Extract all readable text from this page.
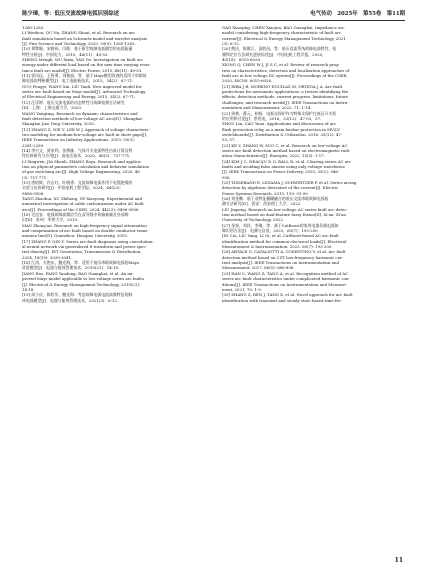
陈少璋，等：低压交流故障电弧识别综述	电气传动　2025年　第55卷　第11期
1260-1263.
LI Wenhou, QU Na, ZHANG Shuai, et al. Research on arc
fault simulation based on Schwartz model and wavelet analysis
[J]. Fire Science and Technology, 2020, 39(9): 1260-1263.
[10] 郑擎颖，宋晓伟，闫皓．基于新型故障电弧模型的电弧能量
特性分析[J]．中国电力，2015，48(11)：49-53.
ZHENG Mengli, WU Xixiu, YAN Ge. Investigation on fault arc
energy under different load based on the new time varying resis-
tance fault arc model[J]. Electric Power, 2015, 48(11): 49-53.
[11] 郭凤仪，王智勇，刘艳丽，等．基于Mayr模型改进的适用于串联故
障电弧的判断模型[J]．电工电能新技术，2015，34(2)：67-71.
GUO Fengyi, WANG Xin, LIU Yanli. New improved model for
series arc fault based on Mayr model[J]. Advanced Technology
of Electrical Engineering and Energy, 2015, 34(2): 67-71.
[12] 汪洋婷．低压交流电弧的动态特性与故障检测方法研究
[D]．上海：上海交通大学，2020.
WANG Yangting. Research on dynamic characteristics and
fault detection methods of low-voltage AC arcs[D]. Shanghai:
Shanghai Jiao Tong University, 2020.
[13] ZHANG Z, NIE Y, LEE W J. Approach of voltage characteris-
tics modeling for medium-low-voltage arc fault in short gaps[J].
IEEE Transactions on Industry Applications, 2019, 55(3):
2281-2289.
[14] 李兴文，贾申利，张博雅．气体开关电弧特性仿真计算及特
性仿真研究与应用[J]．高电压技术，2020，46(3)：757-771.
LI Xingwen, JIA Shenli, ZHANG Boya. Research and applica-
tion on physical parameters calculation and behavior simulation
of gas switching arc[J]. High Voltage Engineering, 2020, 46
(3): 757-771.
[15] 唐昭辉，许志红，叶晓勇．交流故障电弧作用下电缆绝缘的
实验与仿真研究[J]．中国电机工程学报，2024，44(23)：
9496-9506.
TANG Zhaohui, XU Zhihong, YE Xiaoyong. Experimental and
numerical investigation of cable carbonization under AC fault
arcs[J]. Proceedings of the CSEE, 2024, 44(23): 9496-9506.
[16] 毛忠安．电弧故障高频信号在双导线中传输衰减及外部辨
识[D]．泉州：华侨大学，2019.
MAO Zhong'an. Research on high-frequency signal attenuation
and compensation of arc fault based on double conductor trans-
mission line[D]. Quanzhou: Huaqiao University, 2019.
[17] ZHANG P, QIN Y. Series arc-fault diagnosis using convolution-
al neural network via generalized S-transform and power spec-
tral density[J]. IET Generation, Transmission & Distribution,
2024, 18(19): 3039-3041.
[18] 江涛，方艳东，鲍光海，等．适用于低压串联故障电弧的Mayo
改进模型[J]．电器与能效管理技术，2019(21)：14-18.
JIANG Rao, FANG Yandong, BAO Guanghai, et al. An im-
proved Mayr model applicable to low voltage series arc faults
[J]. Electrical & Energy Management Technology, 2019(21):
14-18.
[19] 高小庆，陈绍军，鲍光海．考虑故障电弧电流高频特征的脉
冲电弧模型[J]．电器与能效管理技术，2021(3)：6-12.
GAO Xiaoqing, CHEN Xiaojun, BAO Guanghai. Impedance arc
model considering high-frequency characteristic of fault arc
current[J]. Electrical & Energy Management Technology, 2021
(3): 6-12.
[20] 熊庆，陈维江，汲胜昌，等．低压直流系统故障电弧特性、检
测和定位方法研究进展综述[J]．中国电机工程学报，2020，
40(18)：6015-6026.
XIONG Q, CHEN W J, JI S C, et al. Review of research prog-
ress on characteristics, detection and localization approaches of
fault arc in low voltage DC system[J]. Proceedings of the CSEE,
2020, 40(18): 6015-6026.
[21] RIBA J R, MORENO-EGUILAZ M, ORTEGA J A. Arc fault
protections for aeronautic applications: a review identifying the
effects, detection methods, current progress, limitations, future
challenges, and research needs[J]. IEEE Transactions on Instru-
mentation and Measurement, 2022, 71: 1-14.
[22] 周林，曹元，柏杨．电弧光探护作为特殊支保护在低压开关柜
的应用和讨论[J]．供用电，2016，33(12)：47-53，57.
ZHOU Lin, CAO Yuan. Applications and discussions of arc
flash protection relay as a main busbar protection in MV/LV
switchboards[J]. Distribution & Utilization, 2016, 33(12): 47-
53, 57.
[23] KE Y, ZHANG W, SUO C, et al. Research on low-voltage AC
series arc-fault detection method based on electromagnetic radi-
ation characteristics[J]. Energies, 2022, 15(5): 1-17.
[24] KIM J C, NEACŞU D O, BALL R, et al. Clearing series AC arc
faults and avoiding false alarms using only voltage waveforms
[J]. IEEE Transactions on Power Delivery, 2020, 35(2): 946-
956.
[25] TISSERAND E, LEZAMA J, SCHWEITZER P, et al. Series arcing
detection by algebraic derivative of the current[J]. Electric
Power Systems Research, 2015, 119: 91-99.
[26] 刘金鹏．基于双特征模糊融合的低压交流串联故障电弧检
测方法研究[D]．西安：西安理工大学，2022.
LIU Jinpeng. Research on low voltage AC series fault arc detec-
tion method based on dual-feature fuzzy fusion[D]. Xi'an: Xi'an
University of Technology, 2022.
[27] 金泰，刘祥，李瑞，等．基于CatBoost的家用电器负载电弧故
障识别方法[J]．电测与仪表，2023，60(7)：193-200.
JIN Cui, LIU Yang, LI Qi, et al. CatBoost-based AC arc fault
identification method for common electrical loads[J]. Electrical
Measurement & Instrumentation, 2023, 60(7): 193-200.
[28] ARTALE G, CATALIOTTI A, COSENTINO V, et al. Arc fault
detection method based on CZT low-frequency harmonic cur-
rent analysis[J]. IEEE Transactions on Instrumentation and
Measurement, 2017, 66(5): 888-896.
[29] HAN C, WANG Z, TANG A, et al. Recognition method of AC
series arc fault characteristics under complicated harmonic con-
ditions[J]. IEEE Transactions on Instrumentation and Measure-
ment, 2021, 70: 1-9.
[30] ZHANG Z, REN J, TANG X, et al. Novel approach for arc fault
identification with transient and steady state based time-fre-
11
